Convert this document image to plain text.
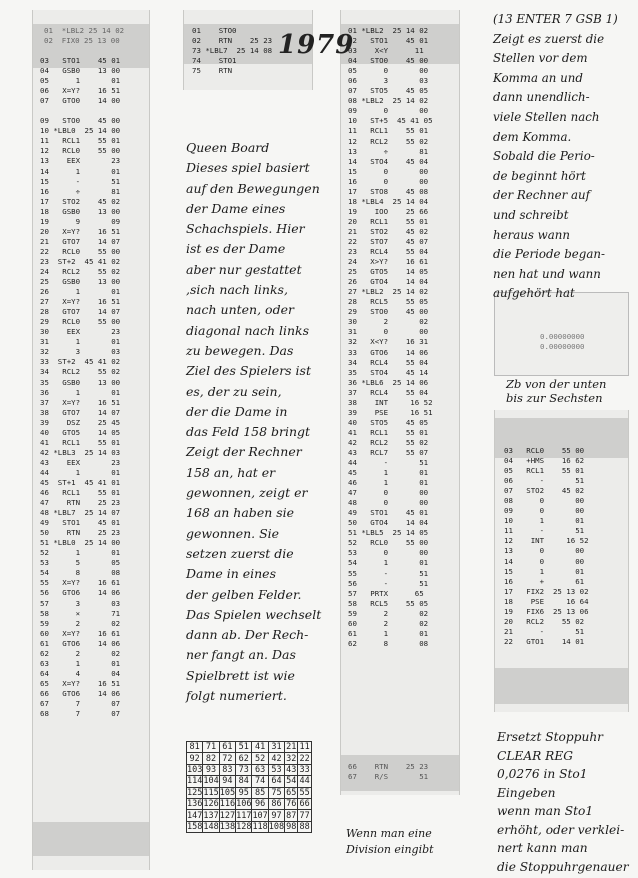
1979
01  *LBL2 25 14 02
02  FIX0 25 13 00
03   STO1    45 01
04   GSB0    13 00
05      1       01
06   X=Y?    16 51
07   GTO0    14 00
09   STO0    45 00
10 *LBL0  25 14 00
11   RCL1    55 01
12   RCL0    55 00
13    EEX       23
14      1       01
15      -       51
16      ÷       81
17   STO2    45 02
18   GSB0    13 00
19      9       09
20   X=Y?    16 51
21   GTO7    14 07
22   RCL0    55 00
23  ST+2  45 41 02
24   RCL2    55 02
25   GSB0    13 00
26      1       01
27   X=Y?    16 51
28   GTO7    14 07
29   RCL0    55 00
30    EEX       23
31      1       01
32      3       03
33  ST+2  45 41 02
34   RCL2    55 02
35   GSB0    13 00
36      1       01
37   X=Y?    16 51
38   GTO7    14 07
39    DSZ    25 45
40   GTO5    14 05
41   RCL1    55 01
42 *LBL3  25 14 03
43    EEX       23
44      1       01
45  ST+1  45 41 01
46   RCL1    55 01
47    RTN    25 23
48 *LBL7  25 14 07
49   STO1    45 01
50    RTN    25 23
51 *LBL0  25 14 00
52      1       01
53      5       05
54      8       08
55   X=Y?    16 61
56   GTO6    14 06
57      3       03
58      ×       71
59      2       02
60   X=Y?    16 61
61   GTO6    14 06
62      2       02
63      1       01
64      4       04
65   X=Y?    16 51
66   GTO6    14 06
67      7       07
68      7       07
01    STO0
02    RTN    25 23
73 *LBL7  25 14 08
74    STO1
75    RTN
01 *LBL2  25 14 02
02   STO1    45 01
03    X<Y      11
04   STO0    45 00
05      0       00
06      3       03
07   STO5    45 05
08 *LBL2  25 14 02
09      0       00
10   ST+5  45 41 05
11   RCL1    55 01
12   RCL2    55 02
13      ÷       81
14   STO4    45 04
15      0       00
16      0       00
17   STO8    45 08
18 *LBL4  25 14 04
19    IOO    25 66
20   RCL1    55 01
21   STO2    45 02
22   STO7    45 07
23   RCL4    55 04
24   X>Y?    16 61
25   GTO5    14 05
26   GTO4    14 04
27 *LBL2  25 14 02
28   RCL5    55 05
29   STO0    45 00
30      2       02
31      0       00
32   X<Y?    16 31
33   GTO6    14 06
34   RCL4    55 04
35   STO4    45 14
36 *LBL6  25 14 06
37   RCL4    55 04
38    INT     16 52
39    PSE     16 51
40   STO5    45 05
41   RCL1    55 01
42   RCL2    55 02
43   RCL7    55 07
44      -       51
45      1       01
46      1       01
47      0       00
48      0       00
49   STO1    45 01
50   GTO4    14 04
51 *LBL5  25 14 05
52   RCL0    55 00
53      0       00
54      1       01
55      -       51
56      -       51
57   PRTX      65
58   RCL5    55 05
59      2       02
60      2       02
61      1       01
62      8       08
66    RTN    25 23
67    R/S       51
03   RCL0    55 00
04   +HMS    16 62
05   RCL1    55 01
06      -       51
07   STO2    45 02
08      0       00
09      0       00
10      1       01
11      -       51
12    INT     16 52
13      0       00
14      0       00
15      1       01
16      +       61
17   FIX2  25 13 02
18    PSE     16 64
19   FIX6  25 13 06
20   RCL2    55 02
21      -       51
22   GTO1    14 01
0.00000000
Queen Board
Dieses spiel basiert
auf den Bewegungen
der Dame eines
Schachspiels. Hier
ist es der Dame
aber nur gestattet
,sich nach links,
nach unten, oder
diagonal nach links
zu bewegen. Das
Ziel des Spielers ist
es, der zu sein,
der die Dame in
das Feld 158 bringt
Zeigt der Rechner
158 an, hat er
gewonnen, zeigt er
168 an haben sie
gewonnen. Sie
setzen zuerst die
Dame in eines
der gelben Felder.
Das Spielen wechselt
dann ab. Der Rech-
ner fangt an. Das
Spielbrett ist wie
folgt numeriert.
(13 ENTER 7 GSB 1)
Zeigt es zuerst die
Stellen vor dem
Komma an und
dann unendlich-
viele Stellen nach
dem Komma.
Sobald die Perio-
de beginnt hört
der Rechner auf
und schreibt
heraus wann
die Periode began-
nen hat und wann
aufgehört hat
Zb von der unten
bis zur Sechsten
Ersetzt Stoppuhr
CLEAR REG
0,0276 in Sto1
Eingeben
wenn man Sto1
erhöht, oder verklei-
nert kann man
die Stoppuhrgenauer
Wenn man eine
Division eingibt
81	71	61	51	41	31	21	11
92	82	72	62	52	42	32	22
103	93	83	73	63	53	43	33
114	104	94	84	74	64	54	44
125	115	105	95	85	75	65	55
136	126	116	106	96	86	76	66
147	137	127	117	107	97	87	77
158	148	138	128	118	108	98	88
